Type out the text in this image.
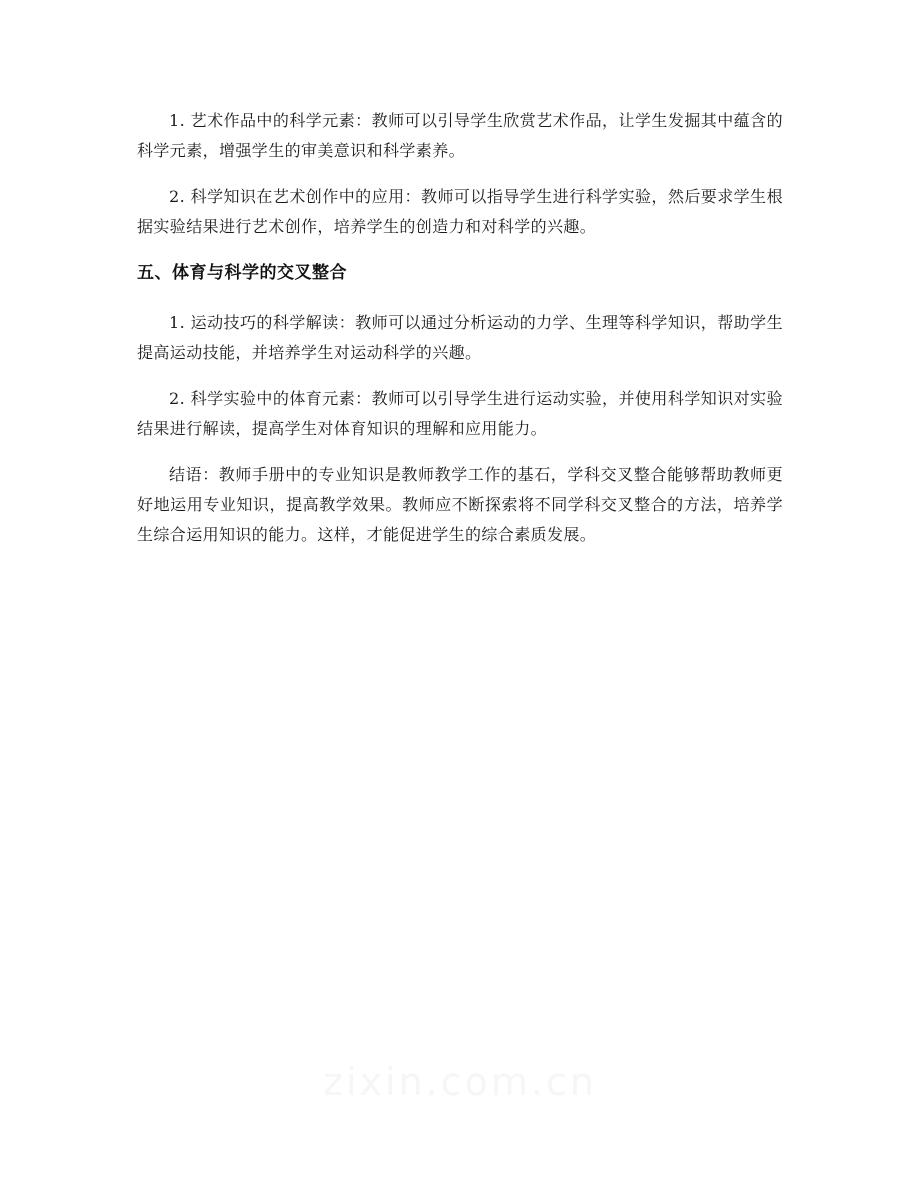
1. 艺术作品中的科学元素：教师可以引导学生欣赏艺术作品，让学生发掘其中蕴含的科学元素，增强学生的审美意识和科学素养。

2. 科学知识在艺术创作中的应用：教师可以指导学生进行科学实验，然后要求学生根据实验结果进行艺术创作，培养学生的创造力和对科学的兴趣。

五、体育与科学的交叉整合

1. 运动技巧的科学解读：教师可以通过分析运动的力学、生理等科学知识，帮助学生提高运动技能，并培养学生对运动科学的兴趣。

2. 科学实验中的体育元素：教师可以引导学生进行运动实验，并使用科学知识对实验结果进行解读，提高学生对体育知识的理解和应用能力。

结语：教师手册中的专业知识是教师教学工作的基石，学科交叉整合能够帮助教师更好地运用专业知识，提高教学效果。教师应不断探索将不同学科交叉整合的方法，培养学生综合运用知识的能力。这样，才能促进学生的综合素质发展。

zixin.com.cn
